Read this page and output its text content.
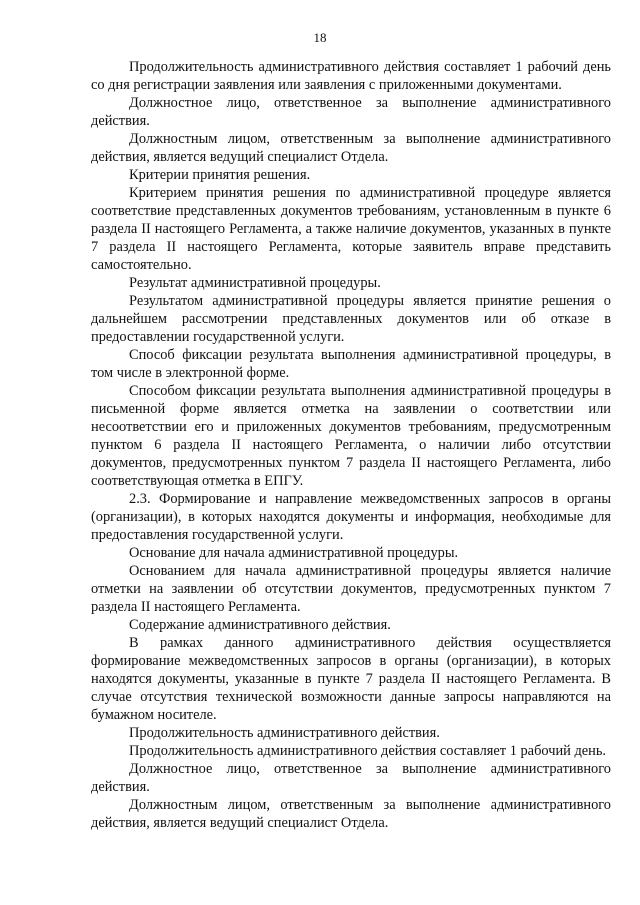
18

Продолжительность административного действия составляет 1 рабочий день со дня регистрации заявления или заявления с приложенными документами.

Должностное лицо, ответственное за выполнение административного действия.

Должностным лицом, ответственным за выполнение административного действия, является ведущий специалист Отдела.

Критерии принятия решения.

Критерием принятия решения по административной процедуре является соответствие представленных документов требованиям, установленным в пункте 6 раздела II настоящего Регламента, а также наличие документов, указанных в пункте 7 раздела II настоящего Регламента, которые заявитель вправе представить самостоятельно.

Результат административной процедуры.

Результатом административной процедуры является принятие решения о дальнейшем рассмотрении представленных документов или об отказе в предоставлении государственной услуги.

Способ фиксации результата выполнения административной процедуры, в том числе в электронной форме.

Способом фиксации результата выполнения административной процедуры в письменной форме является отметка на заявлении о соответствии или несоответствии его и приложенных документов требованиям, предусмотренным пунктом 6 раздела II настоящего Регламента, о наличии либо отсутствии документов, предусмотренных пунктом 7 раздела II настоящего Регламента, либо соответствующая отметка в ЕПГУ.

2.3. Формирование и направление межведомственных запросов в органы (организации), в которых находятся документы и информация, необходимые для предоставления государственной услуги.

Основание для начала административной процедуры.

Основанием для начала административной процедуры является наличие отметки на заявлении об отсутствии документов, предусмотренных пунктом 7 раздела II настоящего Регламента.

Содержание административного действия.

В рамках данного административного действия осуществляется формирование межведомственных запросов в органы (организации), в которых находятся документы, указанные в пункте 7 раздела II настоящего Регламента. В случае отсутствия технической возможности данные запросы направляются на бумажном носителе.

Продолжительность административного действия.

Продолжительность административного действия составляет 1 рабочий день.

Должностное лицо, ответственное за выполнение административного действия.

Должностным лицом, ответственным за выполнение административного действия, является ведущий специалист Отдела.
